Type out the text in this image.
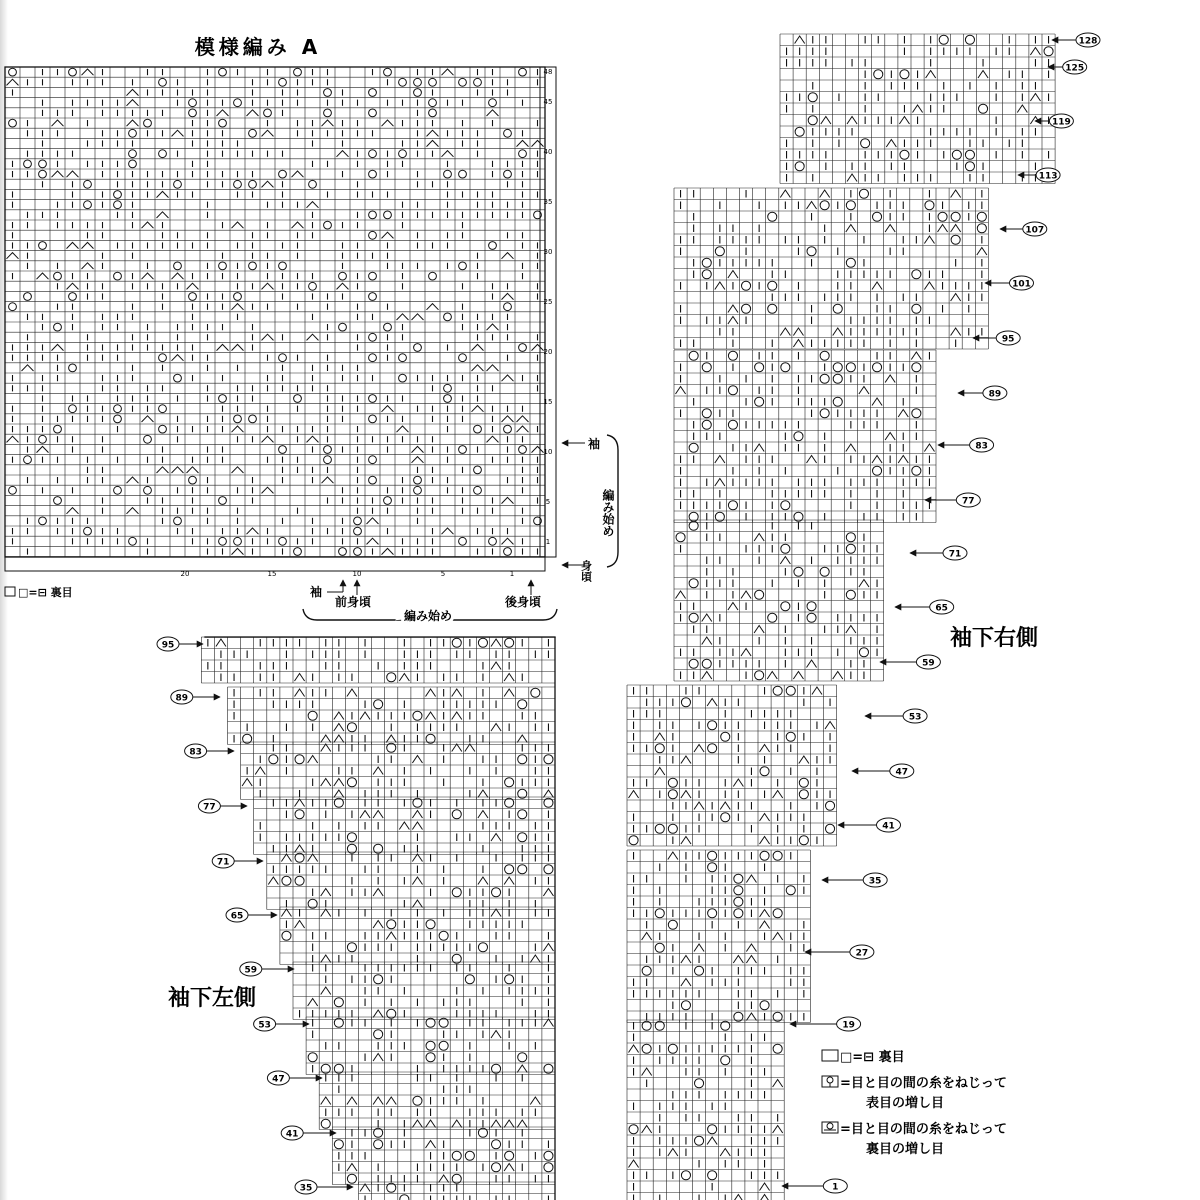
模様編み A
48
45
40
35
30
25
20
15
10
5
1
20	15	10	5	1
□=⊟ 裏目
袖
編み始め
身頃
袖
前身頃	後身頃
編み始め
95
89
83
77
71
65
59
53
47
41
35
袖下左側
128
125
119
113
107
101
95
89
83
77
71
65
59
53
47
41
35
27
19
1
袖下右側
□=⊟ 裏目
=目と目の間の糸をねじって
表目の増し目
=目と目の間の糸をねじって
裏目の増し目
